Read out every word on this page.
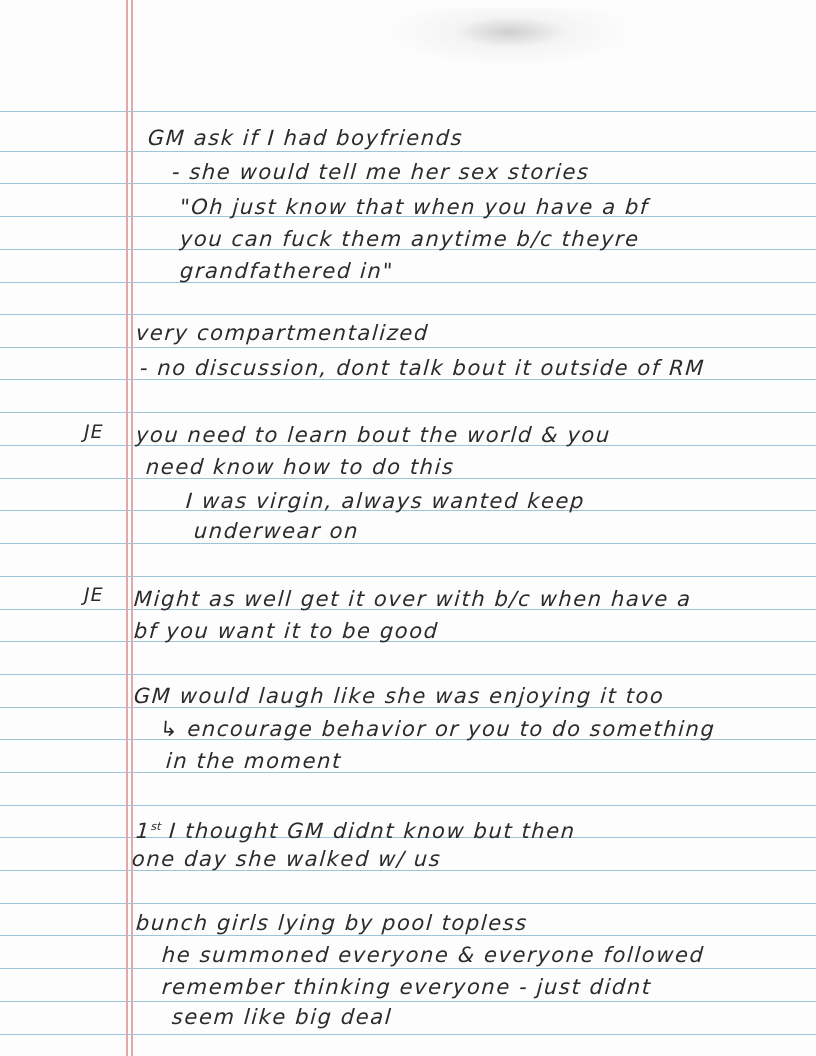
GM ask if I had boyfriends
- she would tell me her sex stories
"Oh just know that when you have a bf
you can fuck them anytime b/c theyre
grandfathered in"
very compartmentalized
- no discussion, dont talk bout it outside of RM
JE you need to learn bout the world & you
need know how to do this
I was virgin, always wanted keep
underwear on
JE Might as well get it over with b/c when have a
bf you want it to be good
GM would laugh like she was enjoying it too
↳ encourage behavior or you to do something
in the moment
1st I thought GM didnt know but then
one day she walked w/ us
bunch girls lying by pool topless
he summoned everyone & everyone followed
remember thinking everyone - just didnt
seem like big deal
